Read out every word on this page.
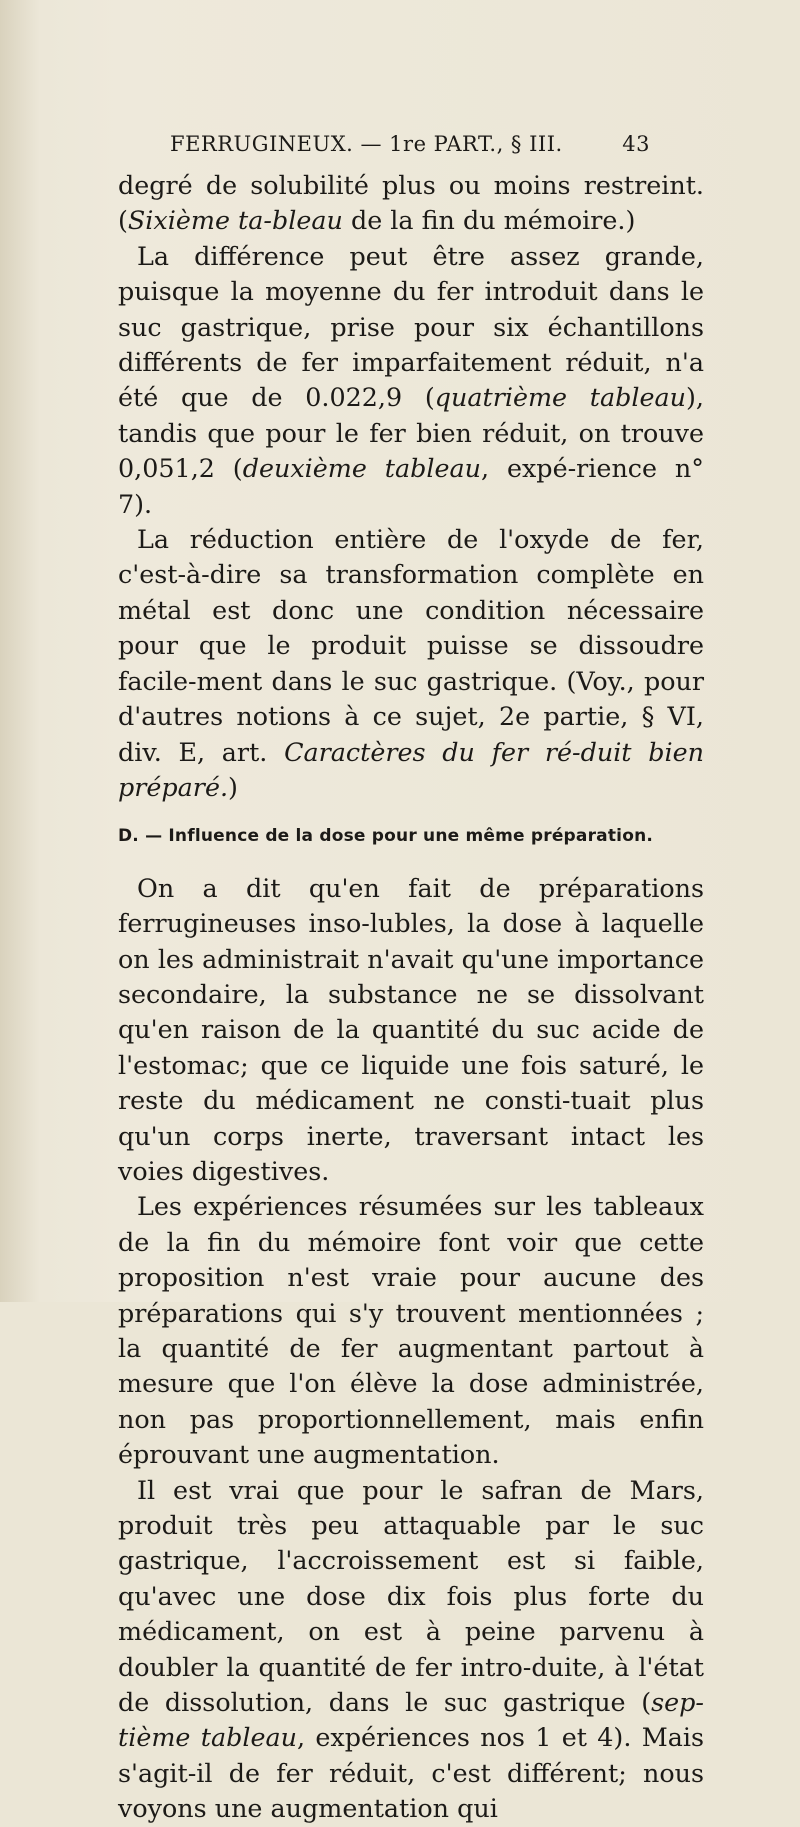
FERRUGINEUX. — 1re PART., § III.	43

degré de solubilité plus ou moins restreint. (Sixième ta-bleau de la fin du mémoire.)

La différence peut être assez grande, puisque la moyenne du fer introduit dans le suc gastrique, prise pour six échantillons différents de fer imparfaitement réduit, n'a été que de 0.022,9 (quatrième tableau), tandis que pour le fer bien réduit, on trouve 0,051,2 (deuxième tableau, expé-rience n° 7).

La réduction entière de l'oxyde de fer, c'est-à-dire sa transformation complète en métal est donc une condition nécessaire pour que le produit puisse se dissoudre facile-ment dans le suc gastrique. (Voy., pour d'autres notions à ce sujet, 2e partie, § VI, div. E, art. Caractères du fer ré-duit bien préparé.)

D. — Influence de la dose pour une même préparation.

On a dit qu'en fait de préparations ferrugineuses inso-lubles, la dose à laquelle on les administrait n'avait qu'une importance secondaire, la substance ne se dissolvant qu'en raison de la quantité du suc acide de l'estomac; que ce liquide une fois saturé, le reste du médicament ne consti-tuait plus qu'un corps inerte, traversant intact les voies digestives.

Les expériences résumées sur les tableaux de la fin du mémoire font voir que cette proposition n'est vraie pour aucune des préparations qui s'y trouvent mentionnées ; la quantité de fer augmentant partout à mesure que l'on élève la dose administrée, non pas proportionnellement, mais enfin éprouvant une augmentation.

Il est vrai que pour le safran de Mars, produit très peu attaquable par le suc gastrique, l'accroissement est si faible, qu'avec une dose dix fois plus forte du médicament, on est à peine parvenu à doubler la quantité de fer intro-duite, à l'état de dissolution, dans le suc gastrique (sep-tième tableau, expériences nos 1 et 4). Mais s'agit-il de fer réduit, c'est différent; nous voyons une augmentation qui
